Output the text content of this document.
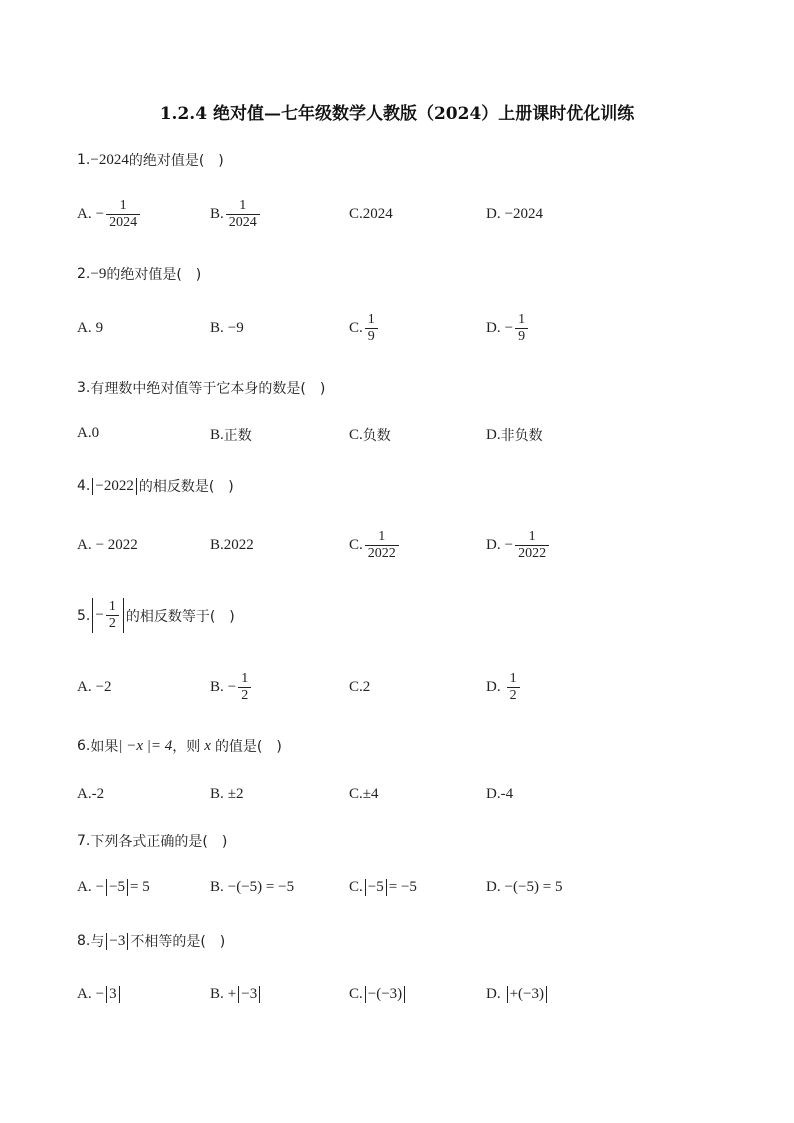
1.2.4 绝对值—七年级数学人教版（2024）上册课时优化训练
1. −2024 的绝对值是(　)
A. − $\frac{1}{2024}$	B. $\frac{1}{2024}$	C. 2024	D. −2024
2. −9 的绝对值是(　)
A. 9	B. −9	C. $\frac{1}{9}$	D. − $\frac{1}{9}$
3. 有理数中绝对值等于它本身的数是(　)
A. 0	B. 正数	C. 负数	D. 非负数
4. −2022 的相反数是(　)
A. − 2022	B. 2022	C. $\frac{1}{2022}$	D. − $\frac{1}{2022}$
5. − $\frac{1}{2}$ 的相反数等于(　)
A. −2	B. − $\frac{1}{2}$	C. 2	D. $\frac{1}{2}$
6. 如果 | −x |= 4 ，则 x 的值是(　)
A. -2	B. ±2	C. ±4	D. -4
7. 下列各式正确的是(　)
A. − −5 = 5	B. −(−5) = −5	C. −5 = −5	D. −(−5) = 5
8. 与 −3 不相等的是(　)
A. − 3	B. + −3	C. −(−3)	D. +(−3)
